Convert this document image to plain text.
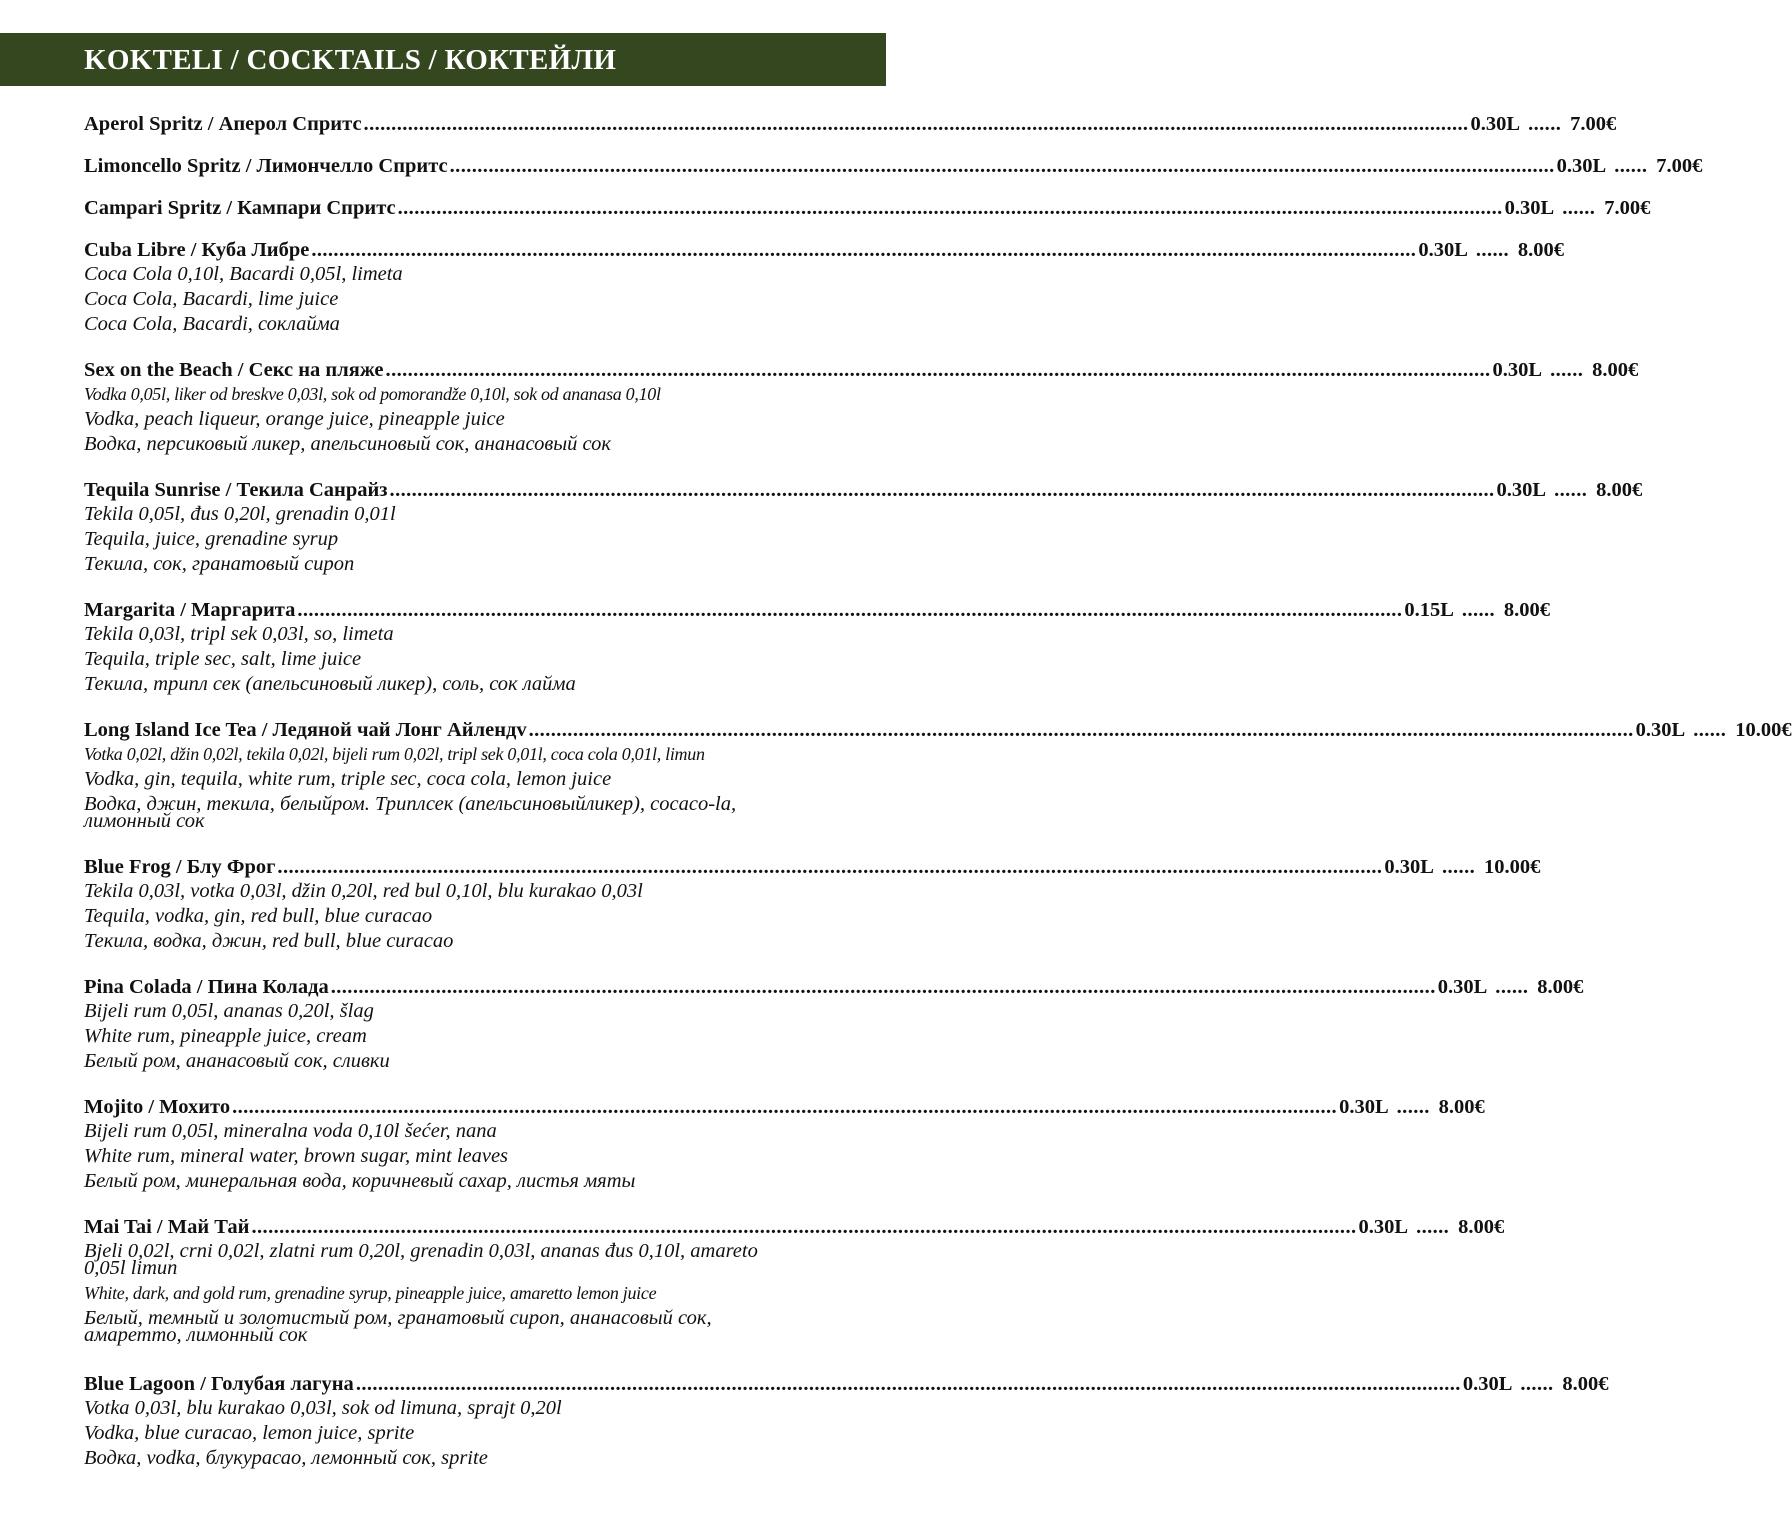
KOKTELI / COCKTAILS / КОКТЕЙЛИ
Aperol Spritz / Аперол Спритс ........................................................................................................................................................................................................ 0.30L ...... 7.00€
Limoncello Spritz / Лимончелло Спритс ........................................................................................................................................................................................................ 0.30L ...... 7.00€
Campari Spritz / Кампари Спритс ........................................................................................................................................................................................................ 0.30L ...... 7.00€
Cuba Libre / Куба Либре ........................................................................................................................................................................................................ 0.30L ...... 8.00€
Coca Cola 0,10l, Bacardi 0,05l, limeta
Coca Cola, Bacardi, lime juice
Coca Cola, Bacardi, соклайма
Sex on the Beach / Секс на пляже ........................................................................................................................................................................................................ 0.30L ...... 8.00€
Vodka 0,05l, liker od breskve 0,03l, sok od pomorandže 0,10l, sok od ananasa 0,10l
Vodka, peach liqueur, orange juice, pineapple juice
Водка, персиковый ликер, апельсиновый сок, ананасовый сок
Tequila Sunrise / Текила Санрайз ........................................................................................................................................................................................................ 0.30L ...... 8.00€
Tekila 0,05l, đus 0,20l, grenadin 0,01l
Tequila, juice, grenadine syrup
Текила, сок, гранатовый сироп
Margarita / Маргарита ........................................................................................................................................................................................................ 0.15L ...... 8.00€
Tekila 0,03l, tripl sek 0,03l, so, limeta
Tequila, triple sec, salt, lime juice
Текила, трипл сек (апельсиновый ликер), соль, сок лайма
Long Island Ice Tea / Ледяной чай Лонг Айлендv ........................................................................................................................................................................................................ 0.30L ...... 10.00€
Votka 0,02l, džin 0,02l, tekila 0,02l, bijeli rum 0,02l, tripl sek 0,01l, coca cola 0,01l, limun
Vodka, gin, tequila, white rum, triple sec, coca cola, lemon juice
Водка, джин, текила, белыйром. Триплсек (апельсиновыйликер), cocaco-la, лимонный сок
Blue Frog / Блу Фрог ........................................................................................................................................................................................................ 0.30L ...... 10.00€
Tekila 0,03l, votka 0,03l, džin 0,20l, red bul 0,10l, blu kurakao 0,03l
Tequila, vodka, gin, red bull, blue curacao
Текила, водка, джин, red bull, blue curacao
Pina Colada / Пина Колада ........................................................................................................................................................................................................ 0.30L ...... 8.00€
Bijeli rum 0,05l, ananas 0,20l, šlag
White rum, pineapple juice, cream
Белый ром, ананасовый сок, сливки
Mojito / Мохито ........................................................................................................................................................................................................ 0.30L ...... 8.00€
Bijeli rum 0,05l, mineralna voda 0,10l šećer, nana
White rum, mineral water, brown sugar, mint leaves
Белый ром, минеральная вода, коричневый сахар, листья мяты
Mai Tai / Май Тай ........................................................................................................................................................................................................ 0.30L ...... 8.00€
Bjeli 0,02l, crni 0,02l, zlatni rum 0,20l, grenadin 0,03l, ananas đus 0,10l, amareto 0,05l limun
White, dark, and gold rum, grenadine syrup, pineapple juice, amaretto lemon juice
Белый, темный и золотистый ром, гранатовый сироп, ананасовый сок, амаретто, лимонный сок
Blue Lagoon / Голубая лагуна ........................................................................................................................................................................................................ 0.30L ...... 8.00€
Votka 0,03l, blu kurakao 0,03l, sok od limuna, sprajt 0,20l
Vodka, blue curacao, lemon juice, sprite
Водка, vodka, блукурасао, лемонный сок, sprite
